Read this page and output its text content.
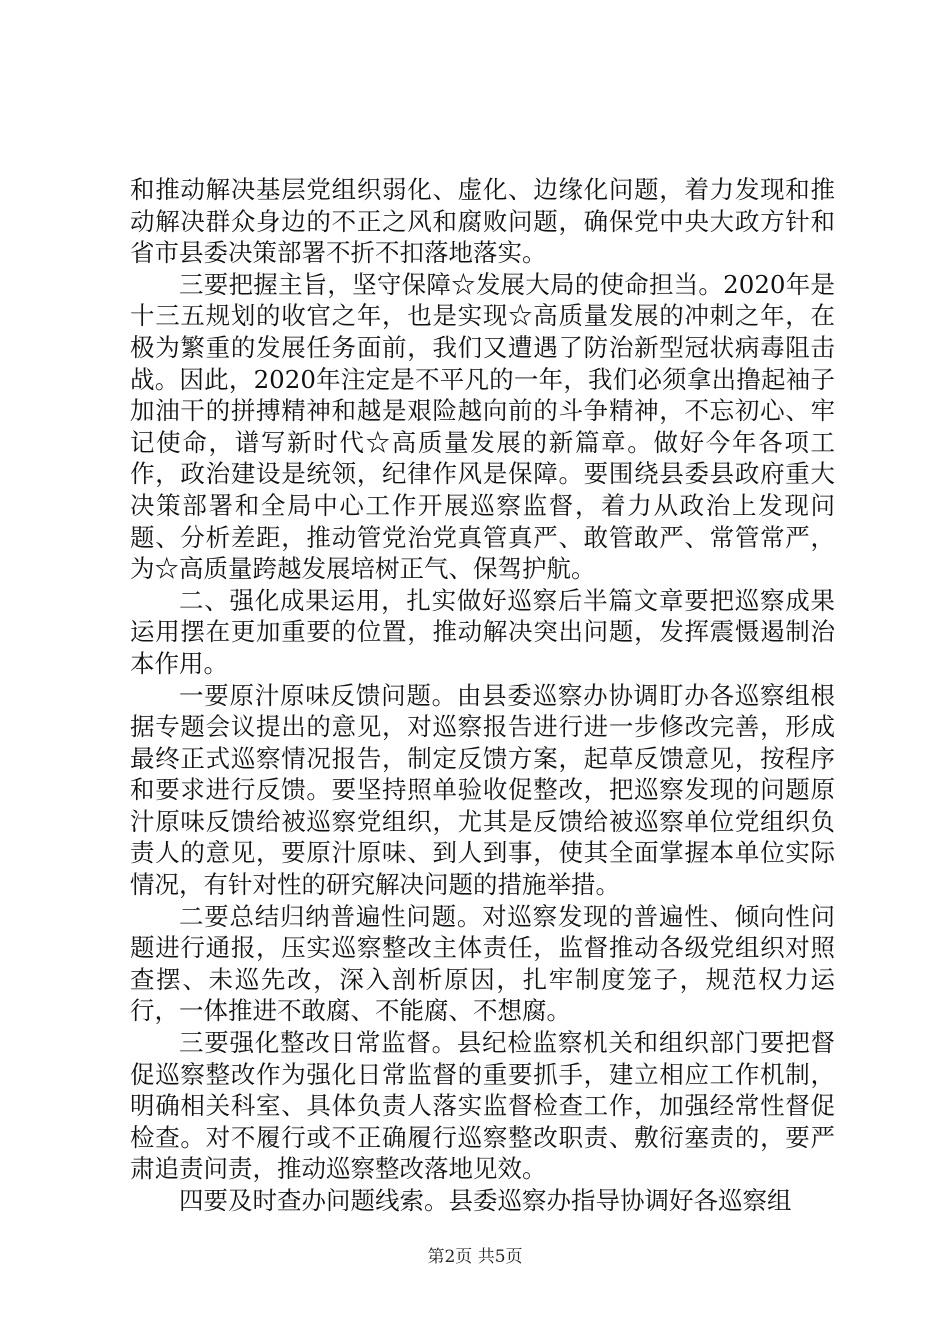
和推动解决基层党组织弱化、虚化、边缘化问题，着力发现和推动解决群众身边的不正之风和腐败问题，确保党中央大政方针和省市县委决策部署不折不扣落地落实。

三要把握主旨，坚守保障☆发展大局的使命担当。2020年是十三五规划的收官之年，也是实现☆高质量发展的冲刺之年，在极为繁重的发展任务面前，我们又遭遇了防治新型冠状病毒阻击战。因此，2020年注定是不平凡的一年，我们必须拿出撸起袖子加油干的拼搏精神和越是艰险越向前的斗争精神，不忘初心、牢记使命，谱写新时代☆高质量发展的新篇章。做好今年各项工作，政治建设是统领，纪律作风是保障。要围绕县委县政府重大决策部署和全局中心工作开展巡察监督，着力从政治上发现问题、分析差距，推动管党治党真管真严、敢管敢严、常管常严，为☆高质量跨越发展培树正气、保驾护航。

二、强化成果运用，扎实做好巡察后半篇文章要把巡察成果运用摆在更加重要的位置，推动解决突出问题，发挥震慑遏制治本作用。

一要原汁原味反馈问题。由县委巡察办协调盯办各巡察组根据专题会议提出的意见，对巡察报告进行进一步修改完善，形成最终正式巡察情况报告，制定反馈方案，起草反馈意见，按程序和要求进行反馈。要坚持照单验收促整改，把巡察发现的问题原汁原味反馈给被巡察党组织，尤其是反馈给被巡察单位党组织负责人的意见，要原汁原味、到人到事，使其全面掌握本单位实际情况，有针对性的研究解决问题的措施举措。

二要总结归纳普遍性问题。对巡察发现的普遍性、倾向性问题进行通报，压实巡察整改主体责任，监督推动各级党组织对照查摆、未巡先改，深入剖析原因，扎牢制度笼子，规范权力运行，一体推进不敢腐、不能腐、不想腐。

三要强化整改日常监督。县纪检监察机关和组织部门要把督促巡察整改作为强化日常监督的重要抓手，建立相应工作机制，明确相关科室、具体负责人落实监督检查工作，加强经常性督促检查。对不履行或不正确履行巡察整改职责、敷衍塞责的，要严肃追责问责，推动巡察整改落地见效。

四要及时查办问题线索。县委巡察办指导协调好各巡察组

第2页 共5页
